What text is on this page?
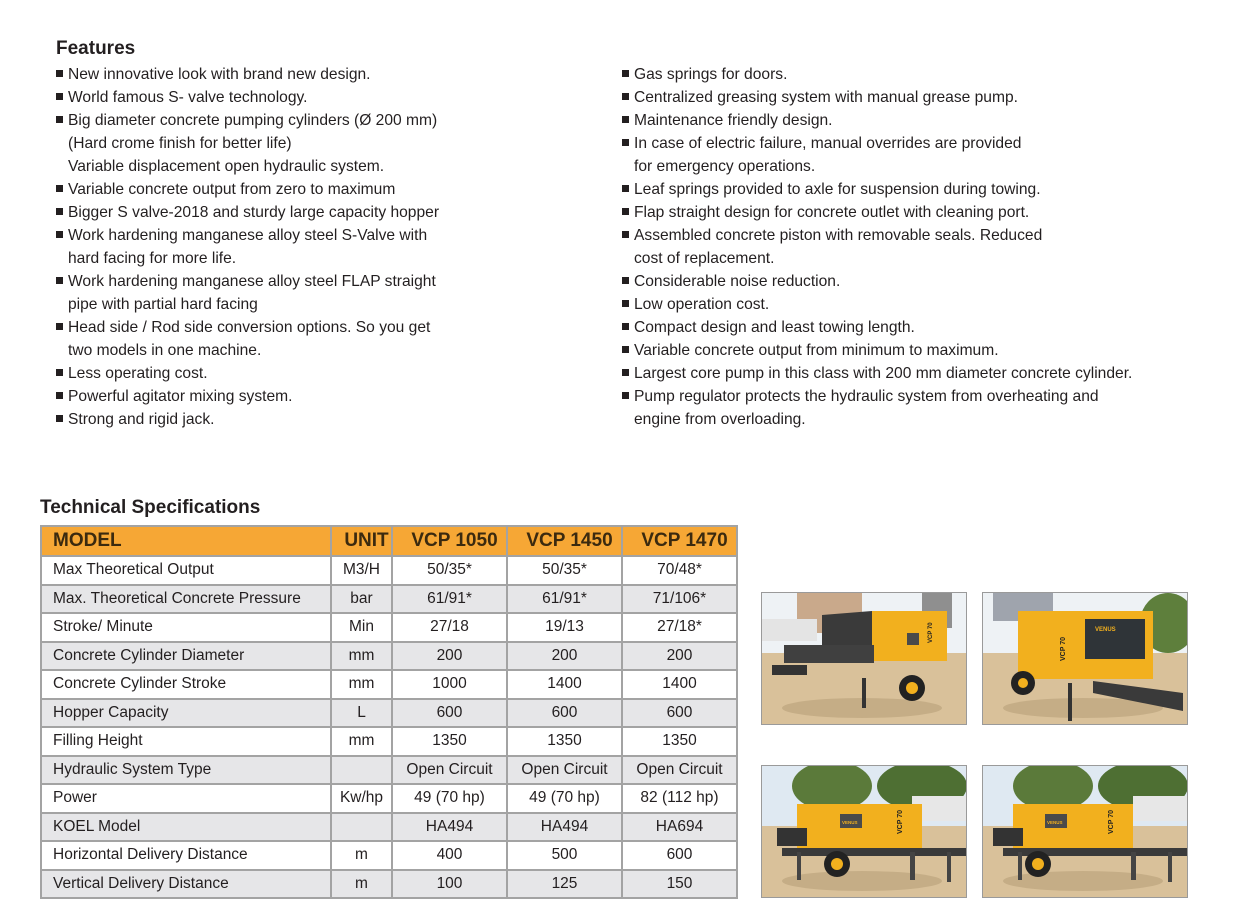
Features
New innovative look with brand new design.
World famous S- valve technology.
Big diameter concrete pumping cylinders (Ø 200 mm)
(Hard crome finish for better life)
Variable displacement open hydraulic system.
Variable concrete output from zero to maximum
Bigger S valve-2018 and sturdy large capacity hopper
Work hardening manganese alloy steel S-Valve with
hard facing for more life.
Work hardening manganese alloy steel FLAP straight
pipe with partial hard facing
Head side / Rod side conversion options. So you get
two models in one machine.
Less operating cost.
Powerful agitator mixing system.
Strong and rigid jack.
Gas springs for doors.
Centralized greasing system with manual grease pump.
Maintenance friendly design.
In case of electric failure, manual overrides are provided
for emergency operations.
Leaf springs provided to axle for suspension during towing.
Flap straight design for concrete outlet with cleaning port.
Assembled concrete piston with removable seals. Reduced
cost of replacement.
Considerable noise reduction.
Low operation cost.
Compact design and least towing length.
Variable concrete output from minimum to maximum.
Largest core pump in this class with 200 mm diameter concrete cylinder.
Pump regulator protects the hydraulic system from overheating and
engine from overloading.
Technical Specifications
MODEL	UNIT	VCP 1050	VCP 1450	VCP 1470
Max Theoretical Output	M3/H	50/35*	50/35*	70/48*
Max. Theoretical Concrete Pressure	bar	61/91*	61/91*	71/106*
Stroke/ Minute	Min	27/18	19/13	27/18*
Concrete Cylinder Diameter	mm	200	200	200
Concrete Cylinder Stroke	mm	1000	1400	1400
Hopper Capacity	L	600	600	600
Filling Height	mm	1350	1350	1350
Hydraulic System Type		Open Circuit	Open Circuit	Open Circuit
Power	Kw/hp	49 (70 hp)	49 (70 hp)	82 (112 hp)
KOEL Model		HA494	HA494	HA694
Horizontal Delivery Distance	m	400	500	600
Vertical Delivery Distance	m	100	125	150
VCP 70	VENUS
VCP 70
VENUS	VCP 70	VENUS	VCP 70
